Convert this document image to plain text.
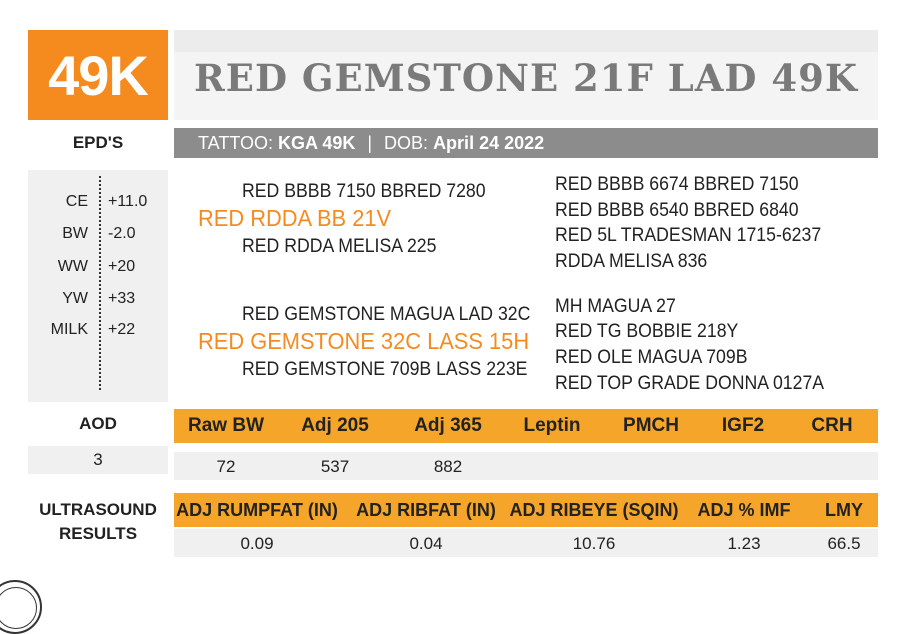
49K	RED GEMSTONE 21F LAD 49K
EPD'S	TATTOO: KGA 49K | DOB: April 24 2022
CE +11.0
BW -2.0
WW +20
YW +33
MILK +22
RED BBBB 7150 BBRED 7280
RED RDDA BB 21V
RED RDDA MELISA 225
RED BBBB 6674 BBRED 7150
RED BBBB 6540 BBRED 6840
RED 5L TRADESMAN 1715-6237
RDDA MELISA 836
RED GEMSTONE MAGUA LAD 32C
RED GEMSTONE 32C LASS 15H
RED GEMSTONE 709B LASS 223E
MH MAGUA 27
RED TG BOBBIE 218Y
RED OLE MAGUA 709B
RED TOP GRADE DONNA 0127A
AOD
3
Raw BW Adj 205 Adj 365 Leptin PMCH IGF2 CRH
72	537	882
ULTRASOUND
RESULTS
ADJ RUMPFAT (IN) ADJ RIBFAT (IN) ADJ RIBEYE (SQIN) ADJ % IMF LMY
0.09	0.04	10.76	1.23	66.5
